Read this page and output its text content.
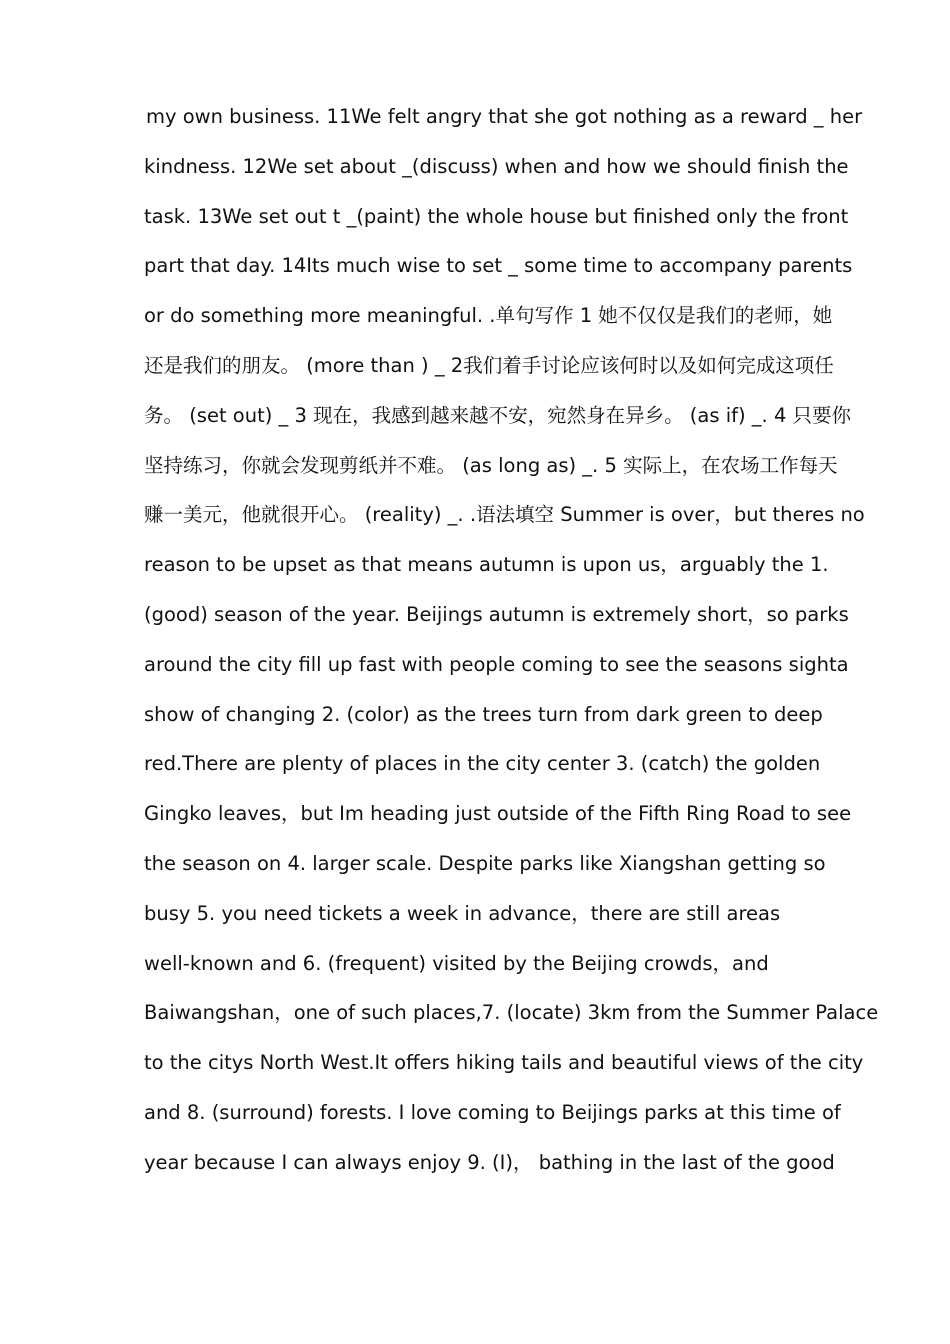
my own business. 11We felt angry that she got nothing as a reward _ her
kindness. 12We set about _(discuss) when and how we should finish the
task. 13We set out t _(paint) the whole house but finished only the front
part that day. 14Its much wise to set _ some time to accompany parents
or do something more meaningful. .单句写作 1 她不仅仅是我们的老师，她
还是我们的朋友。 (more than ) _ 2我们着手讨论应该何时以及如何完成这项任
务。 (set out) _ 3 现在，我感到越来越不安，宛然身在异乡。 (as if) _. 4 只要你
坚持练习，你就会发现剪纸并不难。 (as long as) _. 5 实际上，在农场工作每天
赚一美元，他就很开心。 (reality) _. .语法填空 Summer is over，but theres no
reason to be upset as that means autumn is upon us，arguably the 1.
(good) season of the year. Beijings autumn is extremely short，so parks
around the city fill up fast with people coming to see the seasons sighta
show of changing 2. (color) as the trees turn from dark green to deep
red.There are plenty of places in the city center 3. (catch) the golden
Gingko leaves，but Im heading just outside of the Fifth Ring Road to see
the season on 4. larger scale. Despite parks like Xiangshan getting so
busy 5. you need tickets a week in advance，there are still areas
well-known and 6. (frequent) visited by the Beijing crowds，and
Baiwangshan，one of such places,7. (locate) 3km from the Summer Palace
to the citys North West.It offers hiking tails and beautiful views of the city
and 8. (surround) forests. I love coming to Beijings parks at this time of
year because I can always enjoy 9. (I)， bathing in the last of the good
